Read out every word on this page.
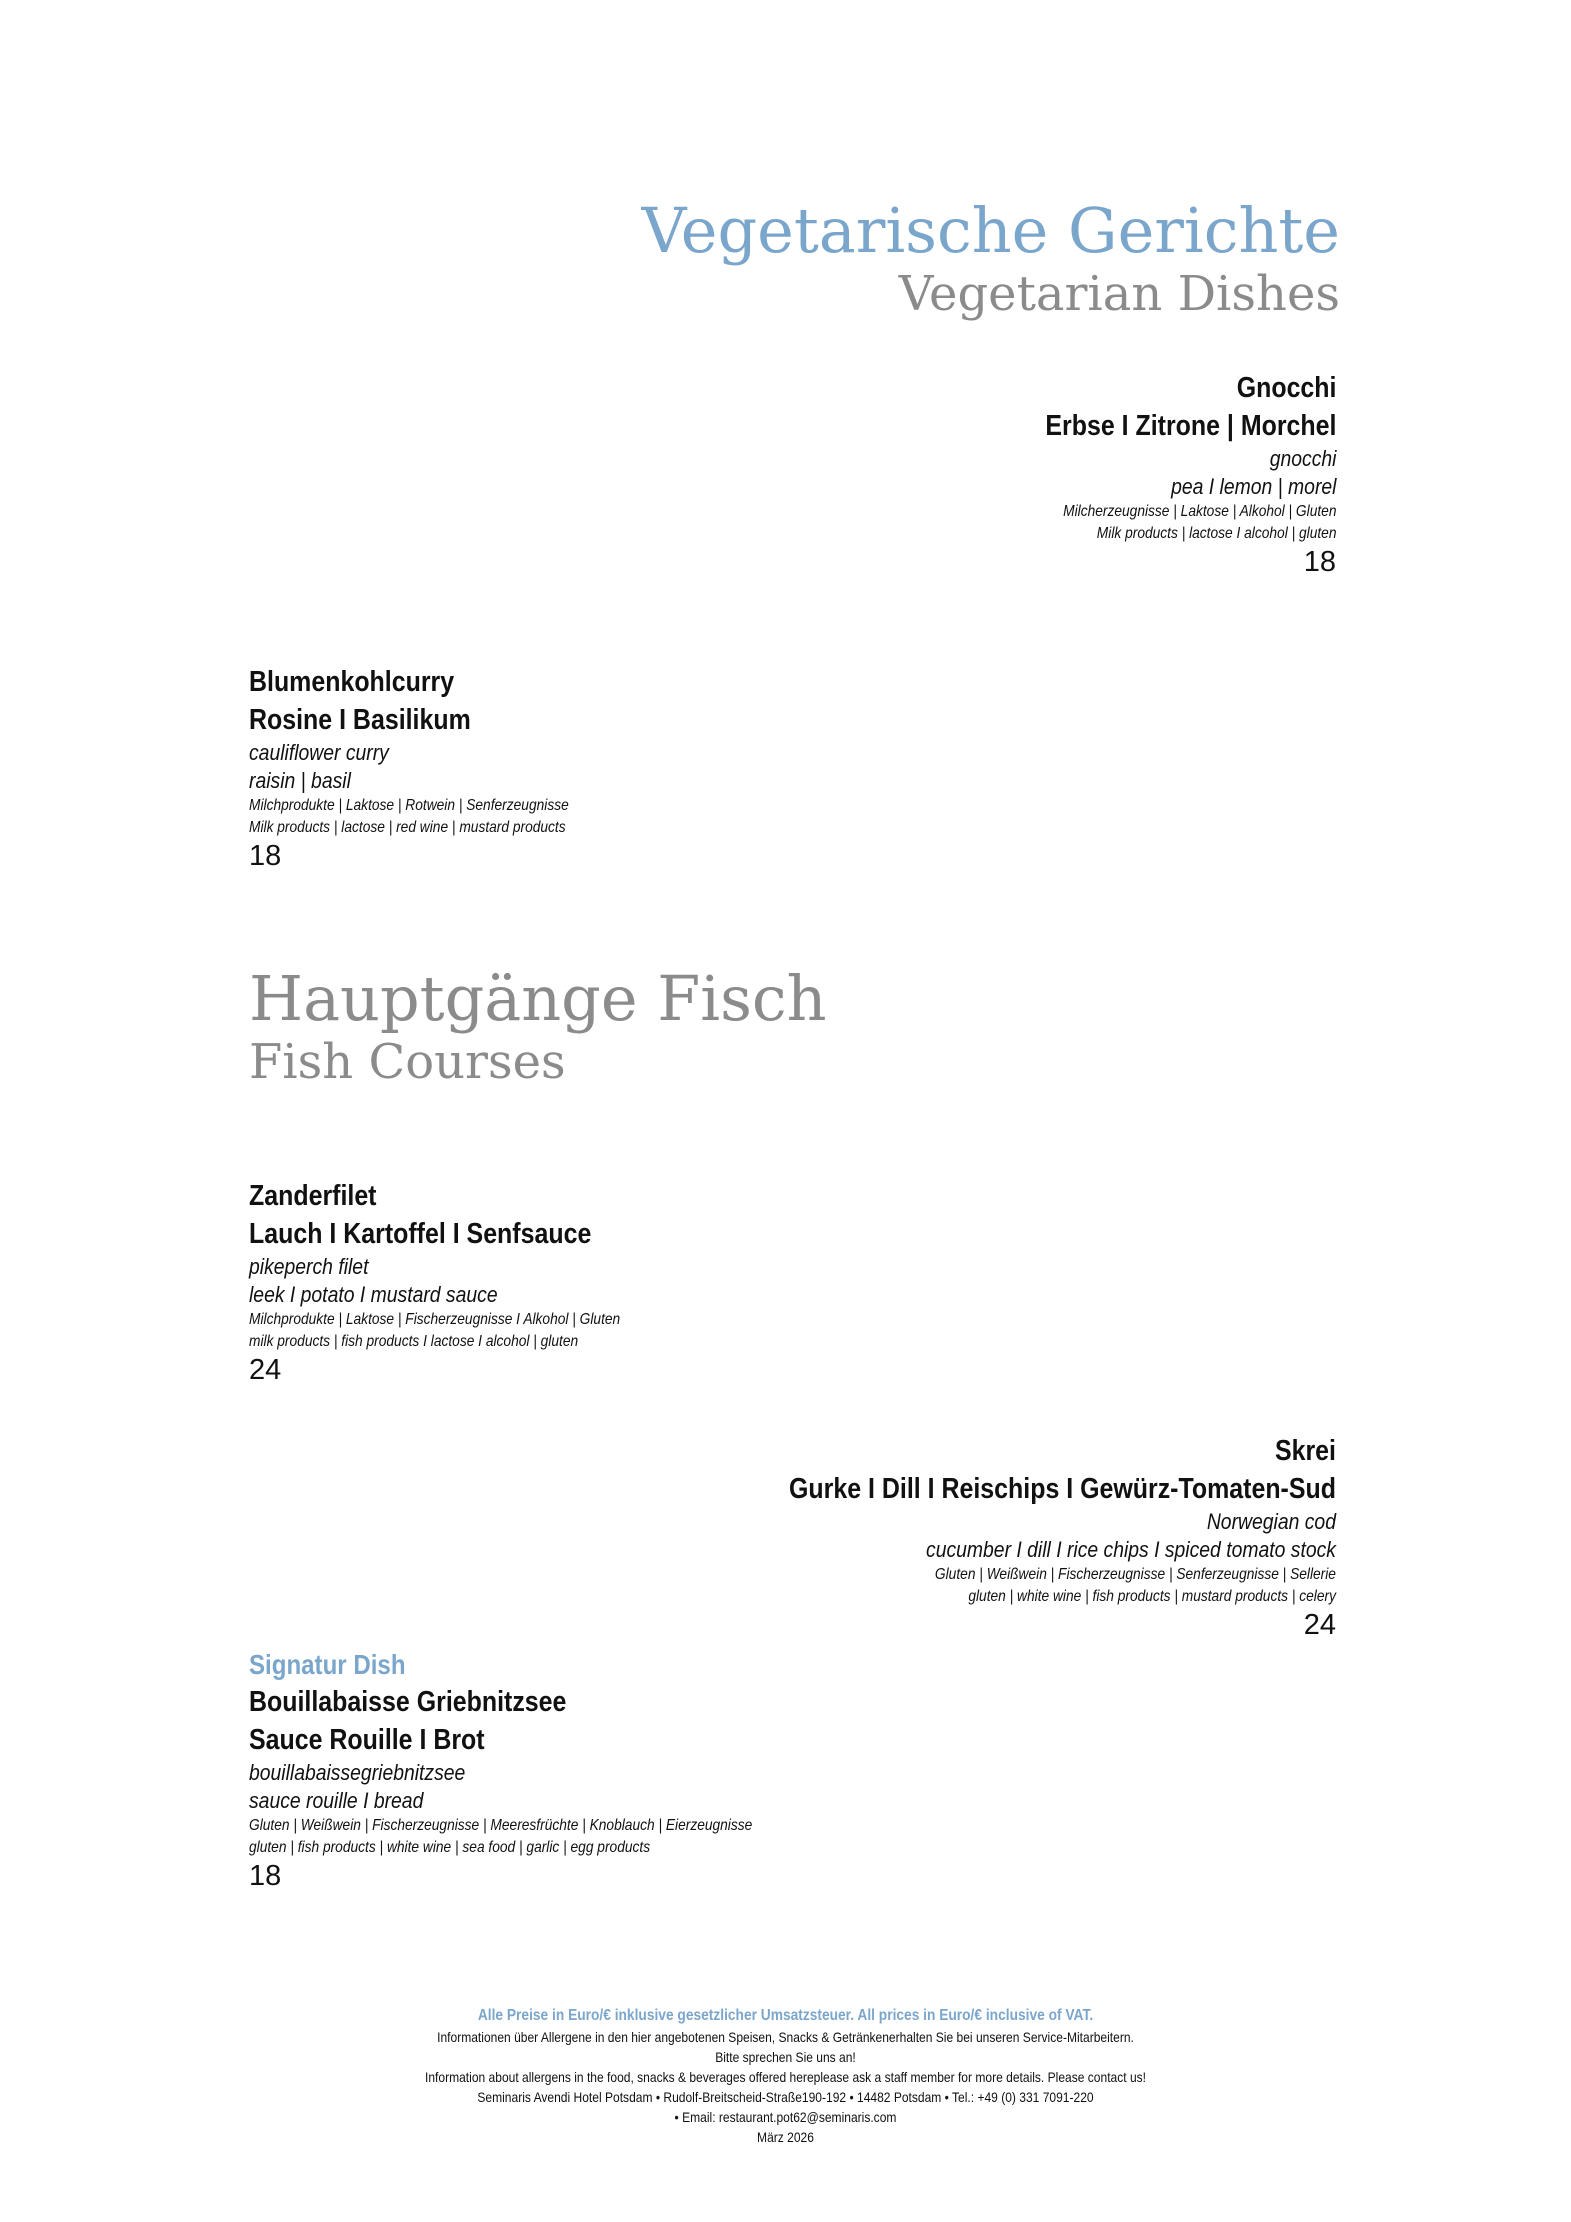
Vegetarische Gerichte
Vegetarian Dishes
Gnocchi
Erbse I Zitrone | Morchel
gnocchi
pea I lemon | morel
Milcherzeugnisse | Laktose | Alkohol | Gluten
Milk products | lactose I alcohol | gluten
18
Blumenkohlcurry
Rosine I Basilikum
cauliflower curry
raisin | basil
Milchprodukte | Laktose | Rotwein | Senferzeugnisse
Milk products | lactose | red wine | mustard products
18
Hauptgänge Fisch
Fish Courses
Zanderfilet
Lauch I Kartoffel I Senfsauce
pikeperch filet
leek I potato I mustard sauce
Milchprodukte | Laktose | Fischerzeugnisse I Alkohol | Gluten
milk products | fish products I lactose I alcohol | gluten
24
Skrei
Gurke I Dill I Reischips I Gewürz-Tomaten-Sud
Norwegian cod
cucumber I dill I rice chips I spiced tomato stock
Gluten | Weißwein | Fischerzeugnisse | Senferzeugnisse | Sellerie
gluten | white wine | fish products | mustard products | celery
24
Signatur Dish
Bouillabaisse Griebnitzsee
Sauce Rouille I Brot
bouillabaissegriebnitzsee
sauce rouille I bread
Gluten | Weißwein | Fischerzeugnisse | Meeresfrüchte | Knoblauch | Eierzeugnisse
gluten | fish products | white wine | sea food | garlic | egg products
18
Alle Preise in Euro/€ inklusive gesetzlicher Umsatzsteuer. All prices in Euro/€ inclusive of VAT.
Informationen über Allergene in den hier angebotenen Speisen, Snacks & Getränkenerhalten Sie bei unseren Service-Mitarbeitern.
Bitte sprechen Sie uns an!
Information about allergens in the food, snacks & beverages offered hereplease ask a staff member for more details. Please contact us!
Seminaris Avendi Hotel Potsdam • Rudolf-Breitscheid-Straße190-192 • 14482 Potsdam • Tel.: +49 (0) 331 7091-220
• Email: restaurant.pot62@seminaris.com
März 2026
